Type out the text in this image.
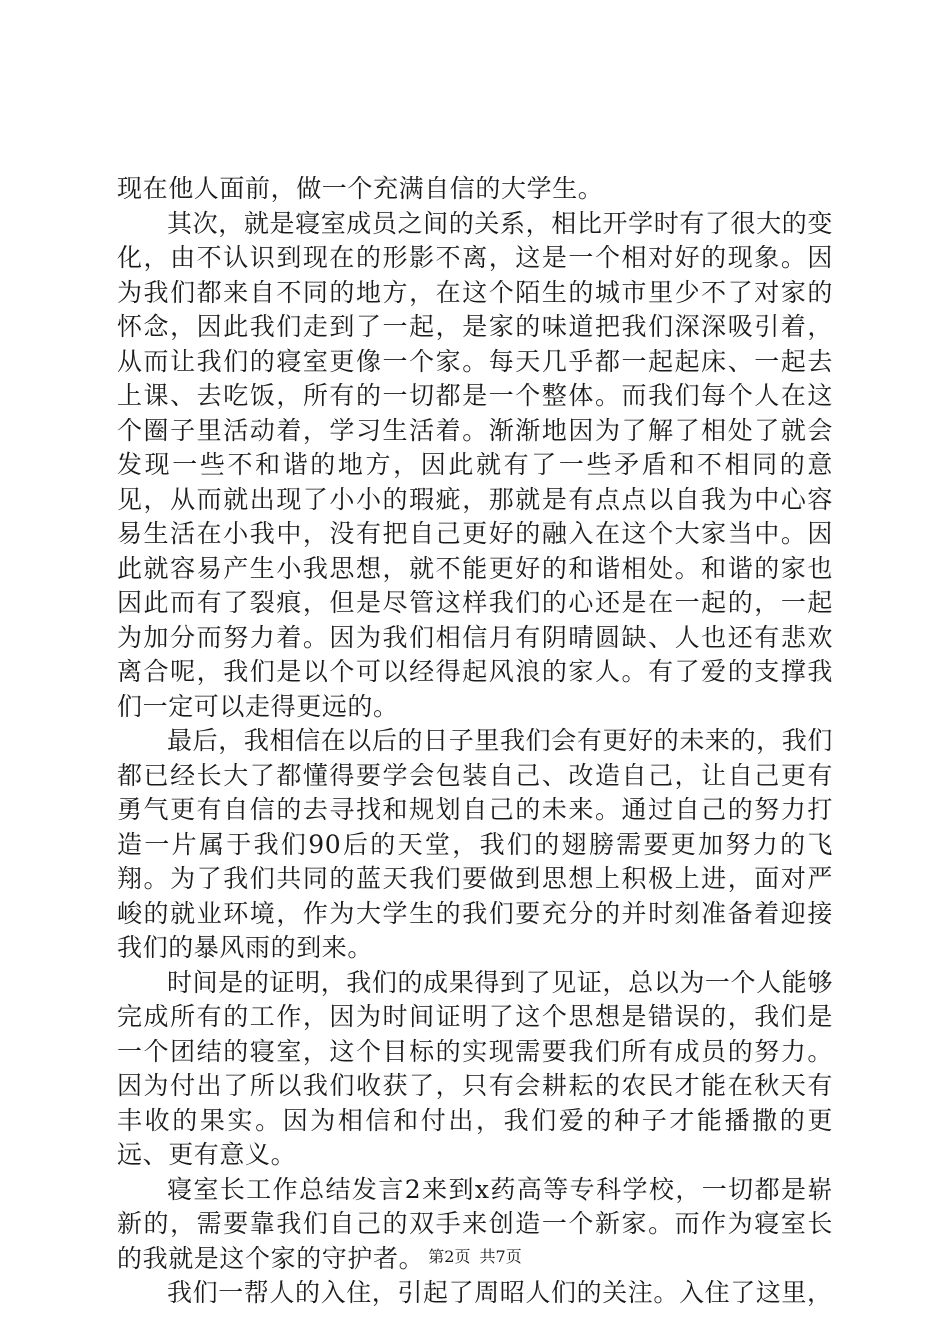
现在他人面前，做一个充满自信的大学生。

其次，就是寝室成员之间的关系，相比开学时有了很大的变化，由不认识到现在的形影不离，这是一个相对好的现象。因为我们都来自不同的地方，在这个陌生的城市里少不了对家的怀念，因此我们走到了一起，是家的味道把我们深深吸引着，从而让我们的寝室更像一个家。每天几乎都一起起床、一起去上课、去吃饭，所有的一切都是一个整体。而我们每个人在这个圈子里活动着，学习生活着。渐渐地因为了解了相处了就会发现一些不和谐的地方，因此就有了一些矛盾和不相同的意见，从而就出现了小小的瑕疵，那就是有点点以自我为中心容易生活在小我中，没有把自己更好的融入在这个大家当中。因此就容易产生小我思想，就不能更好的和谐相处。和谐的家也因此而有了裂痕，但是尽管这样我们的心还是在一起的，一起为加分而努力着。因为我们相信月有阴晴圆缺、人也还有悲欢离合呢，我们是以个可以经得起风浪的家人。有了爱的支撑我们一定可以走得更远的。

最后，我相信在以后的日子里我们会有更好的未来的，我们都已经长大了都懂得要学会包装自己、改造自己，让自己更有勇气更有自信的去寻找和规划自己的未来。通过自己的努力打造一片属于我们90后的天堂，我们的翅膀需要更加努力的飞翔。为了我们共同的蓝天我们要做到思想上积极上进，面对严峻的就业环境，作为大学生的我们要充分的并时刻准备着迎接我们的暴风雨的到来。

时间是的证明，我们的成果得到了见证，总以为一个人能够完成所有的工作，因为时间证明了这个思想是错误的，我们是一个团结的寝室，这个目标的实现需要我们所有成员的努力。因为付出了所以我们收获了，只有会耕耘的农民才能在秋天有丰收的果实。因为相信和付出，我们爱的种子才能播撒的更远、更有意义。

寝室长工作总结发言2来到x药高等专科学校，一切都是崭新的，需要靠我们自己的双手来创造一个新家。而作为寝室长的我就是这个家的守护者。

我们一帮人的入住，引起了周昭人们的关注。入住了这里，

第2页 共7页
